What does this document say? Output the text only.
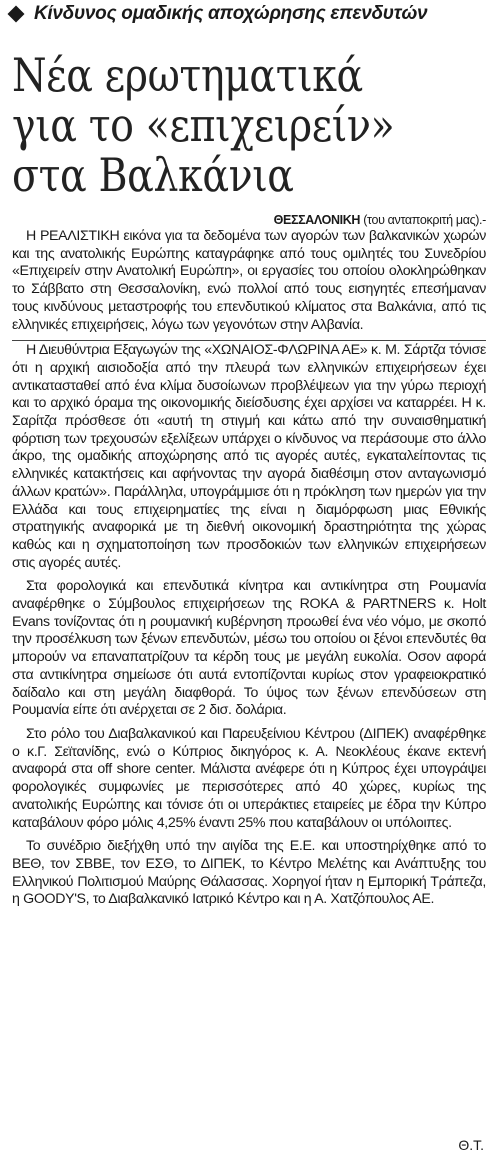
Κίνδυνος ομαδικής αποχώρησης επενδυτών
Νέα ερωτηματικά
για το «επιχειρείν»
στα Βαλκάνια
ΘΕΣΣΑΛΟΝΙΚΗ (του ανταποκριτή μας).-

Η ΡΕΑΛΙΣΤΙΚΗ εικόνα για τα δεδομένα των αγορών των βαλκανικών χωρών και της ανατολικής Ευρώπης καταγράφηκε από τους ομιλητές του Συνεδρίου «Επιχειρείν στην Ανατολική Ευρώπη», οι εργασίες του οποίου ολοκληρώθηκαν το Σάββατο στη Θεσσαλονίκη, ενώ πολλοί από τους εισηγητές επεσήμαναν τους κινδύνους μεταστροφής του επενδυτικού κλίματος στα Βαλκάνια, από τις ελληνικές επιχειρήσεις, λόγω των γεγονότων στην Αλβανία.

Η Διευθύντρια Εξαγωγών της «ΧΩΝΑΙΟΣ-ΦΛΩΡΙΝΑ ΑΕ» κ. Μ. Σάρτζα τόνισε ότι η αρχική αισιοδοξία από την πλευρά των ελληνικών επιχειρήσεων έχει αντικατασταθεί από ένα κλίμα δυσοίωνων προβλέψεων για την γύρω περιοχή και το αρχικό όραμα της οικονομικής διείσδυσης έχει αρχίσει να καταρρέει. Η κ. Σαρίτζα πρόσθεσε ότι «αυτή τη στιγμή και κάτω από την συναισθηματική φόρτιση των τρεχουσών εξελίξεων υπάρχει ο κίνδυνος να περάσουμε στο άλλο άκρο, της ομαδικής αποχώρησης από τις αγορές αυτές, εγκαταλείποντας τις ελληνικές κατακτήσεις και αφήνοντας την αγορά διαθέσιμη στον ανταγωνισμό άλλων κρατών». Παράλληλα, υπογράμμισε ότι η πρόκληση των ημερών για την Ελλάδα και τους επιχειρηματίες της είναι η διαμόρφωση μιας Εθνικής στρατηγικής αναφορικά με τη διεθνή οικονομική δραστηριότητα της χώρας καθώς και η σχηματοποίηση των προσδοκιών των ελληνικών επιχειρήσεων στις αγορές αυτές.

Στα φορολογικά και επενδυτικά κίνητρα και αντικίνητρα στη Ρουμανία αναφέρθηκε ο Σύμβουλος επιχειρήσεων της ROKA & PARTNERS κ. Holt Evans τονίζοντας ότι η ρουμανική κυβέρνηση προωθεί ένα νέο νόμο, με σκοπό την προσέλκυση των ξένων επενδυτών, μέσω του οποίου οι ξένοι επενδυτές θα μπορούν να επαναπατρίζουν τα κέρδη τους με μεγάλη ευκολία. Οσον αφορά στα αντικίνητρα σημείωσε ότι αυτά εντοπίζονται κυρίως στον γραφειοκρατικό δαίδαλο και στη μεγάλη διαφθορά. Το ύψος των ξένων επενδύσεων στη Ρουμανία είπε ότι ανέρχεται σε 2 δισ. δολάρια.

Στο ρόλο του Διαβαλκανικού και Παρευξείνιου Κέντρου (ΔΙΠΕΚ) αναφέρθηκε ο κ.Γ. Σεϊτανίδης, ενώ ο Κύπριος δικηγόρος κ. Α. Νεοκλέους έκανε εκτενή αναφορά στα off shore center. Μάλιστα ανέφερε ότι η Κύπρος έχει υπογράψει φορολογικές συμφωνίες με περισσότερες από 40 χώρες, κυρίως της ανατολικής Ευρώπης και τόνισε ότι οι υπεράκτιες εταιρείες με έδρα την Κύπρο καταβάλουν φόρο μόλις 4,25% έναντι 25% που καταβάλουν οι υπόλοιπες.

Το συνέδριο διεξήχθη υπό την αιγίδα της Ε.Ε. και υποστηρίχθηκε από το ΒΕΘ, τον ΣΒΒΕ, τον ΕΣΘ, το ΔΙΠΕΚ, το Κέντρο Μελέτης και Ανάπτυξης του Ελληνικού Πολιτισμού Μαύρης Θάλασσας. Χορηγοί ήταν η Εμπορική Τράπεζα, η GOODY'S, το Διαβαλκανικό Ιατρικό Κέντρο και η Α. Χατζόπουλος ΑΕ.

Θ.Τ.
